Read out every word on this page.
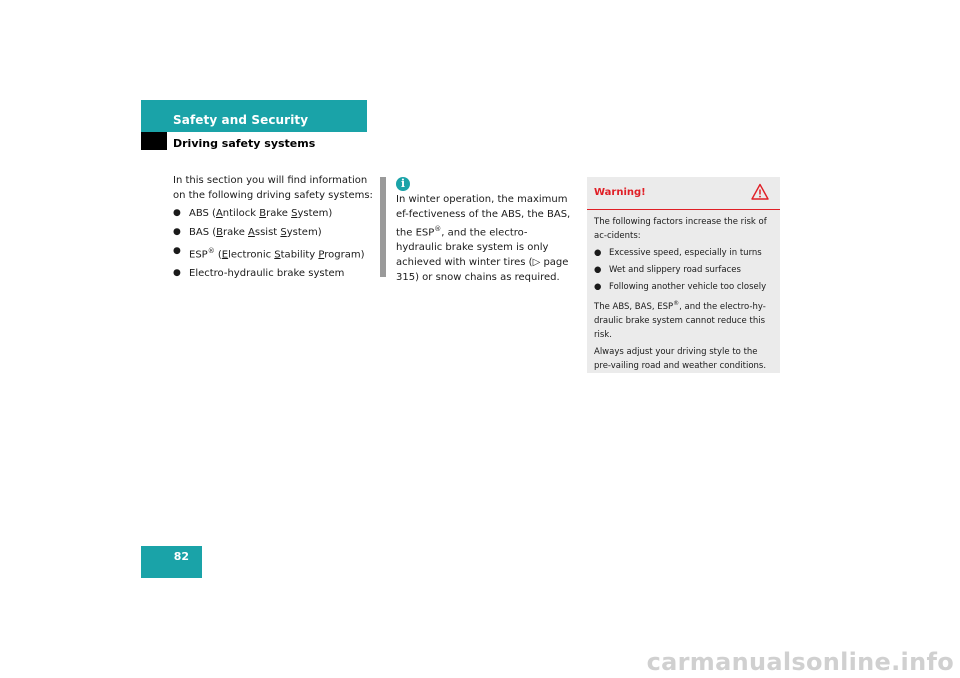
Safety and Security
Driving safety systems

In this section you will find information on the following driving safety systems:

● ABS (Antilock Brake System)
● BAS (Brake Assist System)
● ESP® (Electronic Stability Program)
● Electro-hydraulic brake system
i

In winter operation, the maximum ef-fectiveness of the ABS, the BAS, the ESP®, and the electro-hydraulic brake system is only achieved with winter tires (▷ page 315) or snow chains as required.

Warning!

The following factors increase the risk of ac-cidents:

● Excessive speed, especially in turns
● Wet and slippery road surfaces
● Following another vehicle too closely

The ABS, BAS, ESP®, and the electro-hy-draulic brake system cannot reduce this risk.

Always adjust your driving style to the pre-vailing road and weather conditions.

82
carmanualsonline.info
